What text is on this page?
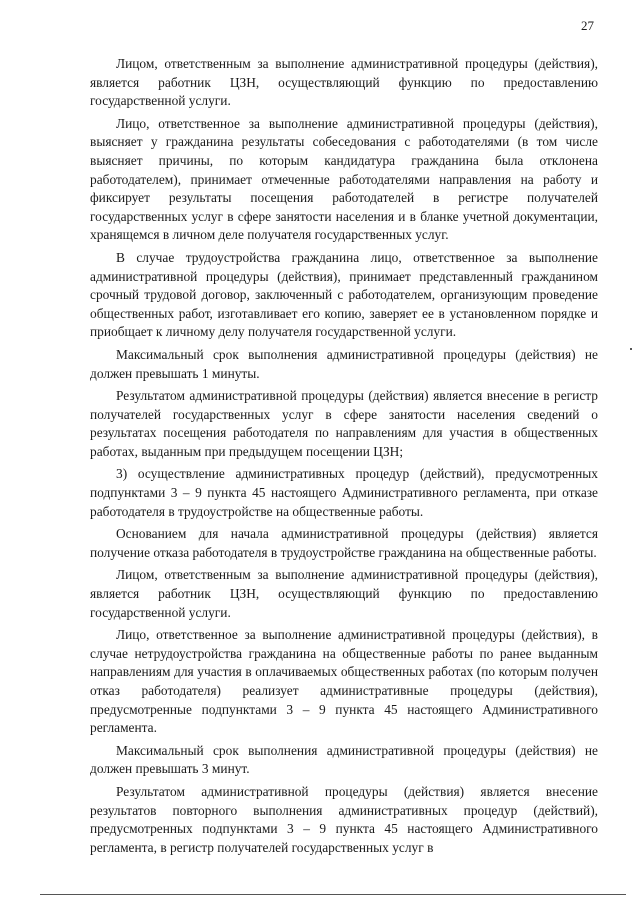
27

Лицом, ответственным за выполнение административной процедуры (действия), является работник ЦЗН, осуществляющий функцию по предоставлению государственной услуги.

Лицо, ответственное за выполнение административной процедуры (действия), выясняет у гражданина результаты собеседования с работодателями (в том числе выясняет причины, по которым кандидатура гражданина была отклонена работодателем), принимает отмеченные работодателями направления на работу и фиксирует результаты посещения работодателей в регистре получателей государственных услуг в сфере занятости населения и в бланке учетной документации, хранящемся в личном деле получателя государственных услуг.

В случае трудоустройства гражданина лицо, ответственное за выполнение административной процедуры (действия), принимает представленный гражданином срочный трудовой договор, заключенный с работодателем, организующим проведение общественных работ, изготавливает его копию, заверяет ее в установленном порядке и приобщает к личному делу получателя государственной услуги.

Максимальный срок выполнения административной процедуры (действия) не должен превышать 1 минуты.

Результатом административной процедуры (действия) является внесение в регистр получателей государственных услуг в сфере занятости населения сведений о результатах посещения работодателя по направлениям для участия в общественных работах, выданным при предыдущем посещении ЦЗН;

3) осуществление административных процедур (действий), предусмотренных подпунктами 3 – 9 пункта 45 настоящего Административного регламента, при отказе работодателя в трудоустройстве на общественные работы.

Основанием для начала административной процедуры (действия) является получение отказа работодателя в трудоустройстве гражданина на общественные работы.

Лицом, ответственным за выполнение административной процедуры (действия), является работник ЦЗН, осуществляющий функцию по предоставлению государственной услуги.

Лицо, ответственное за выполнение административной процедуры (действия), в случае нетрудоустройства гражданина на общественные работы по ранее выданным направлениям для участия в оплачиваемых общественных работах (по которым получен отказ работодателя) реализует административные процедуры (действия), предусмотренные подпунктами 3 – 9 пункта 45 настоящего Административного регламента.

Максимальный срок выполнения административной процедуры (действия) не должен превышать 3 минут.

Результатом административной процедуры (действия) является внесение результатов повторного выполнения административных процедур (действий), предусмотренных подпунктами 3 – 9 пункта 45 настоящего Административного регламента, в регистр получателей государственных услуг в
